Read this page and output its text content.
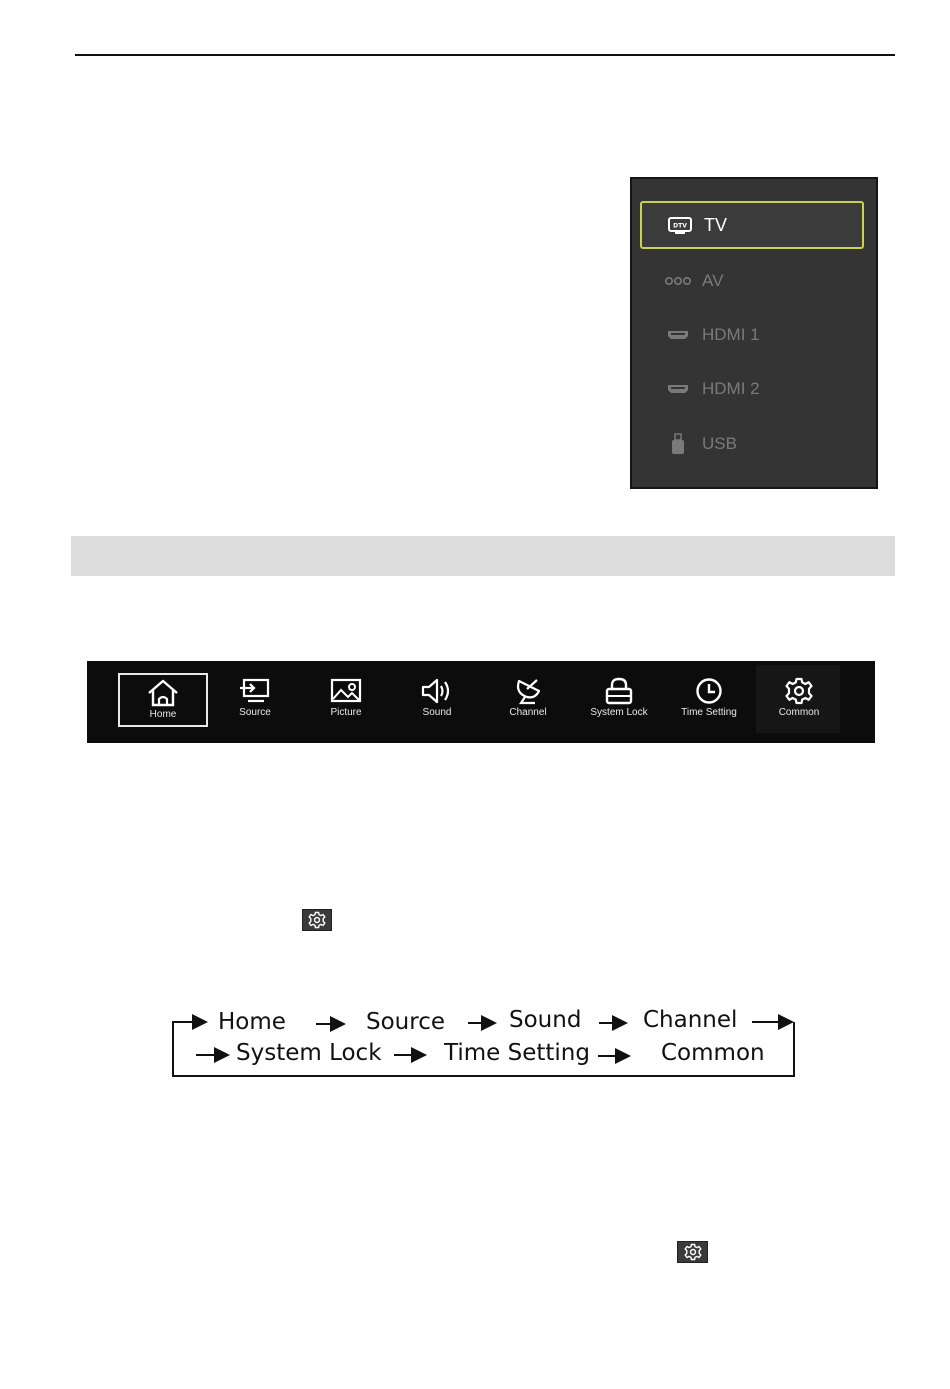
DTV TV
AV
HDMI 1
HDMI 2
USB
Home	Source	Picture	Sound	Channel	System Lock	Time Setting	Common
Home	Source	Sound	Channel
System Lock	Time Setting	Common
